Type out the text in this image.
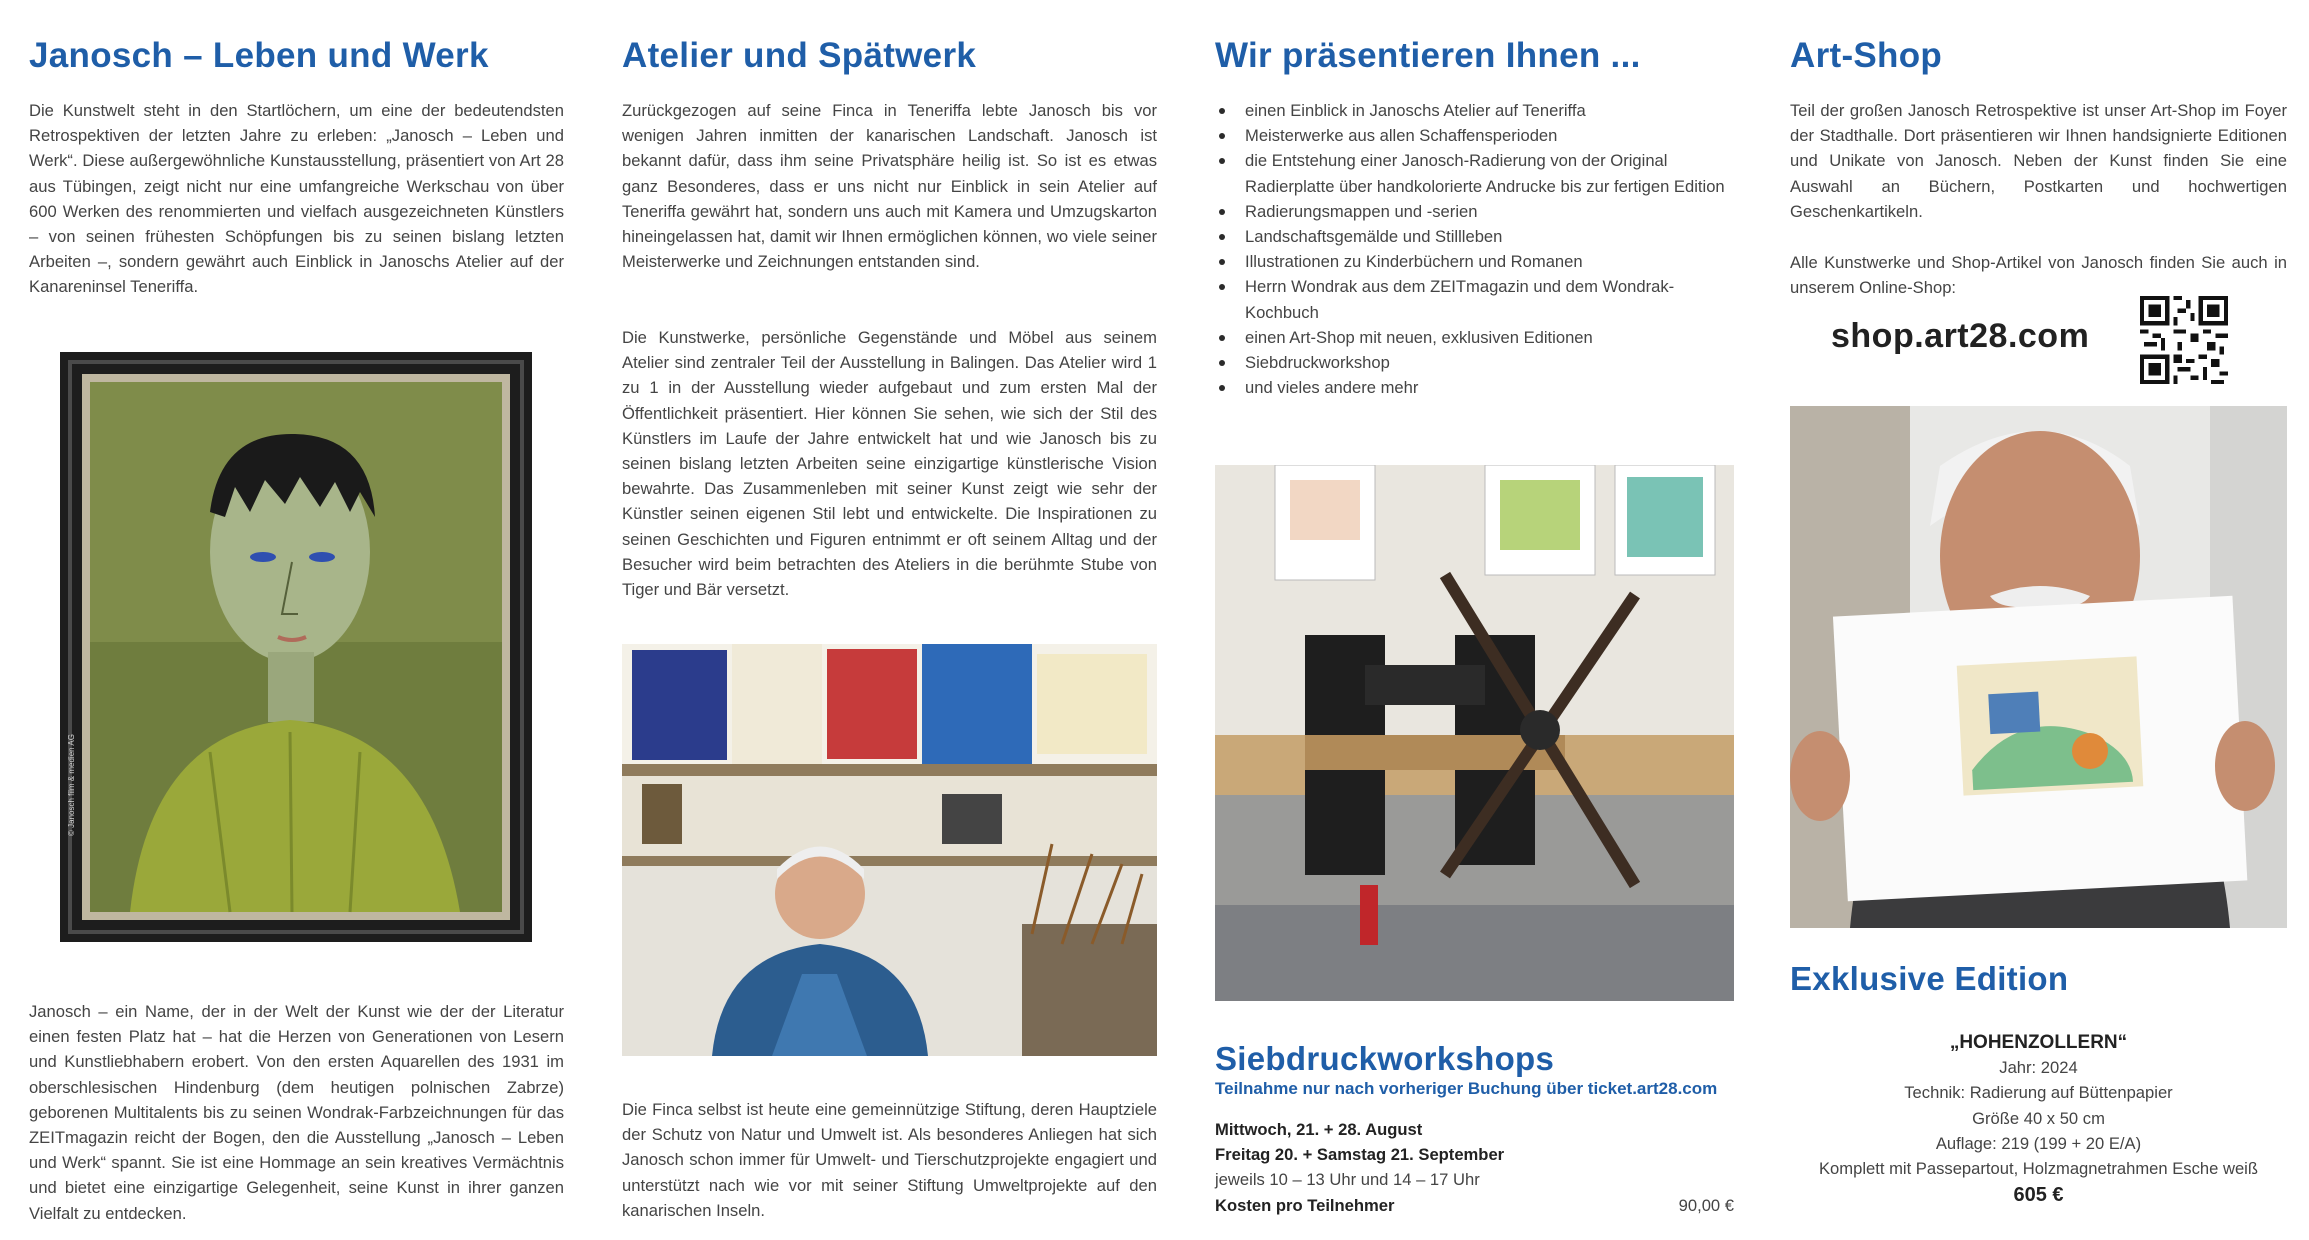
Janosch – Leben und Werk

Die Kunstwelt steht in den Startlöchern, um eine der bedeutendsten Retrospektiven der letzten Jahre zu erleben: „Janosch – Leben und Werk“. Diese außergewöhnliche Kunstausstellung, präsentiert von Art 28 aus Tübingen, zeigt nicht nur eine umfangreiche Werkschau von über 600 Werken des renommierten und vielfach ausgezeichneten Künstlers – von seinen frühesten Schöpfungen bis zu seinen bislang letzten Arbeiten –, sondern gewährt auch Einblick in Janoschs Atelier auf der Kanareninsel Teneriffa.

© Janosch film & medien AG

Janosch – ein Name, der in der Welt der Kunst wie der der Literatur einen festen Platz hat – hat die Herzen von Generationen von Lesern und Kunstliebhabern erobert. Von den ersten Aquarellen des 1931 im oberschlesischen Hindenburg (dem heutigen polnischen Zabrze) geborenen Multitalents bis zu seinen Wondrak-Farbzeichnungen für das ZEITmagazin reicht der Bogen, den die Ausstellung „Janosch – Leben und Werk“ spannt. Sie ist eine Hommage an sein kreatives Vermächtnis und bietet eine einzigartige Gelegenheit, seine Kunst in ihrer ganzen Vielfalt zu entdecken.

Atelier und Spätwerk

Zurückgezogen auf seine Finca in Teneriffa lebte Janosch bis vor wenigen Jahren inmitten der kanarischen Landschaft. Janosch ist bekannt dafür, dass ihm seine Privatsphäre heilig ist. So ist es etwas ganz Besonderes, dass er uns nicht nur Einblick in sein Atelier auf Teneriffa gewährt hat, sondern uns auch mit Kamera und Umzugskarton hineingelassen hat, damit wir Ihnen ermöglichen können, wo viele seiner Meisterwerke und Zeichnungen entstanden sind.

Die Kunstwerke, persönliche Gegenstände und Möbel aus seinem Atelier sind zentraler Teil der Ausstellung in Balingen. Das Atelier wird 1 zu 1 in der Ausstellung wieder aufgebaut und zum ersten Mal der Öffentlichkeit präsentiert. Hier können Sie sehen, wie sich der Stil des Künstlers im Laufe der Jahre entwickelt hat und wie Janosch bis zu seinen bislang letzten Arbeiten seine einzigartige künstlerische Vision bewahrte. Das Zusammenleben mit seiner Kunst zeigt wie sehr der Künstler seinen eigenen Stil lebt und entwickelte. Die Inspirationen zu seinen Geschichten und Figuren entnimmt er oft seinem Alltag und der Besucher wird beim betrachten des Ateliers in die berühmte Stube von Tiger und Bär versetzt.

Die Finca selbst ist heute eine gemeinnützige Stiftung, deren Hauptziele der Schutz von Natur und Umwelt ist. Als besonderes Anliegen hat sich Janosch schon immer für Umwelt- und Tierschutzprojekte engagiert und unterstützt nach wie vor mit seiner Stiftung Umweltprojekte auf den kanarischen Inseln.

Wir präsentieren Ihnen ...
einen Einblick in Janoschs Atelier auf Teneriffa
Meisterwerke aus allen Schaffensperioden
die Entstehung einer Janosch-Radierung von der Original Radierplatte über handkolorierte Andrucke bis zur fertigen Edition
Radierungsmappen und -serien
Landschaftsgemälde und Stillleben
Illustrationen zu Kinderbüchern und Romanen
Herrn Wondrak aus dem ZEITmagazin und dem Wondrak-Kochbuch
einen Art-Shop mit neuen, exklusiven Editionen
Siebdruckworkshop
und vieles andere mehr
Siebdruckworkshops

Teilnahme nur nach vorheriger Buchung über ticket.art28.com

Mittwoch, 21. + 28. August
Freitag 20. + Samstag 21. September
jeweils 10 – 13 Uhr und 14 – 17 Uhr
Kosten pro Teilnehmer	90,00 €
Art-Shop

Teil der großen Janosch Retrospektive ist unser Art-Shop im Foyer der Stadthalle. Dort präsentieren wir Ihnen handsignierte Editionen und Unikate von Janosch. Neben der Kunst finden Sie eine Auswahl an Büchern, Postkarten und hochwertigen Geschenkartikeln.

Alle Kunstwerke und Shop-Artikel von Janosch finden Sie auch in unserem Online-Shop:

shop.art28.com
Exklusive Edition
„HOHENZOLLERN“
Jahr: 2024
Technik: Radierung auf Büttenpapier
Größe 40 x 50 cm
Auflage: 219 (199 + 20 E/A)
Komplett mit Passepartout, Holzmagnetrahmen Esche weiß
605 €
